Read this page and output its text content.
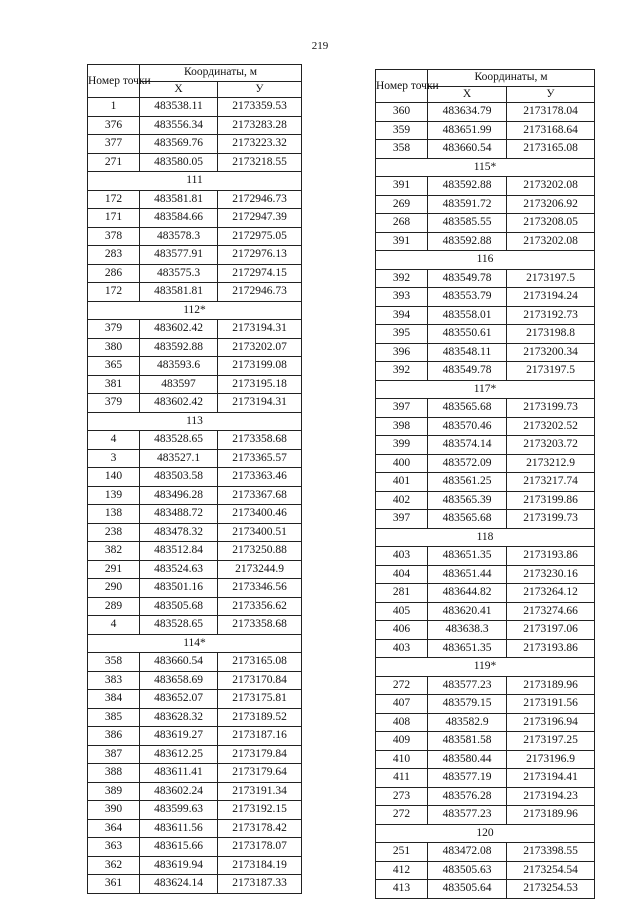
219
Номер точки	Координаты, м	
	X	У
1	483538.11	2173359.53
376	483556.34	2173283.28
377	483569.76	2173223.32
271	483580.05	2173218.55
111		
172	483581.81	2172946.73
171	483584.66	2172947.39
378	483578.3	2172975.05
283	483577.91	2172976.13
286	483575.3	2172974.15
172	483581.81	2172946.73
112*		
379	483602.42	2173194.31
380	483592.88	2173202.07
365	483593.6	2173199.08
381	483597	2173195.18
379	483602.42	2173194.31
113		
4	483528.65	2173358.68
3	483527.1	2173365.57
140	483503.58	2173363.46
139	483496.28	2173367.68
138	483488.72	2173400.46
238	483478.32	2173400.51
382	483512.84	2173250.88
291	483524.63	2173244.9
290	483501.16	2173346.56
289	483505.68	2173356.62
4	483528.65	2173358.68
114*		
358	483660.54	2173165.08
383	483658.69	2173170.84
384	483652.07	2173175.81
385	483628.32	2173189.52
386	483619.27	2173187.16
387	483612.25	2173179.84
388	483611.41	2173179.64
389	483602.24	2173191.34
390	483599.63	2173192.15
364	483611.56	2173178.42
363	483615.66	2173178.07
362	483619.94	2173184.19
361	483624.14	2173187.33
Номер точки	Координаты, м	
	X	У
360	483634.79	2173178.04
359	483651.99	2173168.64
358	483660.54	2173165.08
115*		
391	483592.88	2173202.08
269	483591.72	2173206.92
268	483585.55	2173208.05
391	483592.88	2173202.08
116		
392	483549.78	2173197.5
393	483553.79	2173194.24
394	483558.01	2173192.73
395	483550.61	2173198.8
396	483548.11	2173200.34
392	483549.78	2173197.5
117*		
397	483565.68	2173199.73
398	483570.46	2173202.52
399	483574.14	2173203.72
400	483572.09	2173212.9
401	483561.25	2173217.74
402	483565.39	2173199.86
397	483565.68	2173199.73
118		
403	483651.35	2173193.86
404	483651.44	2173230.16
281	483644.82	2173264.12
405	483620.41	2173274.66
406	483638.3	2173197.06
403	483651.35	2173193.86
119*		
272	483577.23	2173189.96
407	483579.15	2173191.56
408	483582.9	2173196.94
409	483581.58	2173197.25
410	483580.44	2173196.9
411	483577.19	2173194.41
273	483576.28	2173194.23
272	483577.23	2173189.96
120		
251	483472.08	2173398.55
412	483505.63	2173254.54
413	483505.64	2173254.53
